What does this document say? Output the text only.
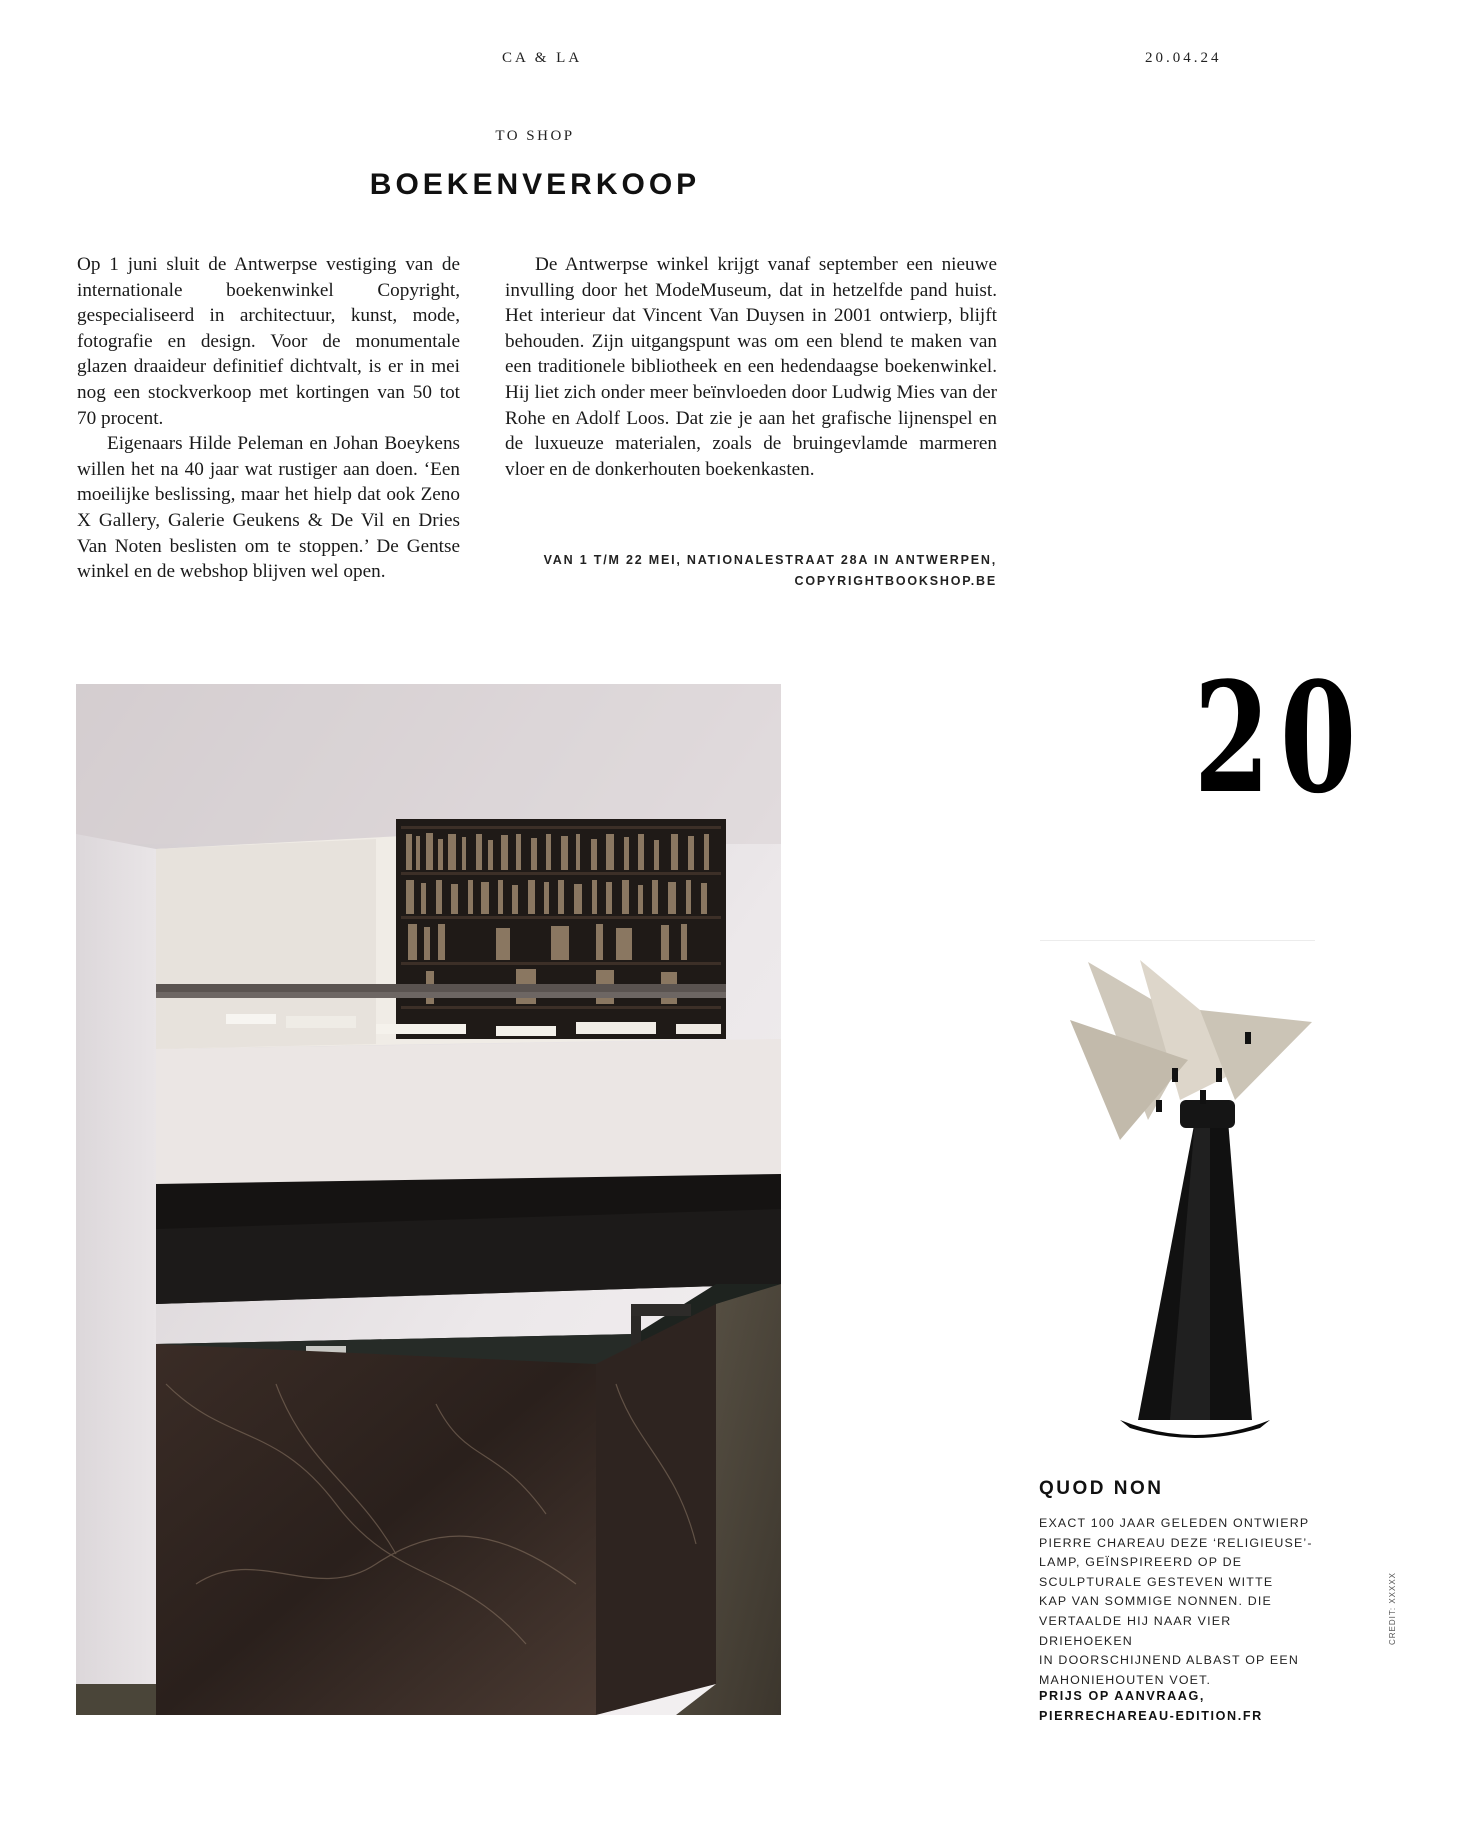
CA & LA	20.04.24
TO SHOP
BOEKENVERKOOP

Op 1 juni sluit de Antwerpse vestiging van de internationale boekenwinkel Copyright, gespecialiseerd in architectuur, kunst, mode, fotografie en design. Voor de monumentale glazen draaideur definitief dichtvalt, is er in mei nog een stockverkoop met kortingen van 50 tot 70 procent.

Eigenaars Hilde Peleman en Johan Boeykens willen het na 40 jaar wat rustiger aan doen. ‘Een moeilijke beslissing, maar het hielp dat ook Zeno X Gallery, Galerie Geukens & De Vil en Dries Van Noten beslisten om te stoppen.’ De Gentse winkel en de webshop blijven wel open.

De Antwerpse winkel krijgt vanaf september een nieuwe invulling door het ModeMuseum, dat in hetzelfde pand huist. Het interieur dat Vincent Van Duysen in 2001 ontwierp, blijft behouden. Zijn uitgangspunt was om een blend te maken van een traditionele bibliotheek en een hedendaagse boekenwinkel. Hij liet zich onder meer beïnvloeden door Ludwig Mies van der Rohe en Adolf Loos. Dat zie je aan het grafische lijnenspel en de luxueuze materialen, zoals de bruingevlamde marmeren vloer en de donkerhouten boekenkasten.

VAN 1 T/M 22 MEI, NATIONALESTRAAT 28A IN ANTWERPEN,
COPYRIGHTBOOKSHOP.BE
20
QUOD NON
EXACT 100 JAAR GELEDEN ONTWIERP
PIERRE CHAREAU DEZE ‘RELIGIEUSE’-
LAMP, GEÏNSPIREERD OP DE
SCULPTURALE GESTEVEN WITTE
KAP VAN SOMMIGE NONNEN. DIE
VERTAALDE HIJ NAAR VIER DRIEHOEKEN
IN DOORSCHIJNEND ALBAST OP EEN
MAHONIEHOUTEN VOET.
PRIJS OP AANVRAAG,
PIERRECHAREAU-EDITION.FR
CREDIT: XXXXX
